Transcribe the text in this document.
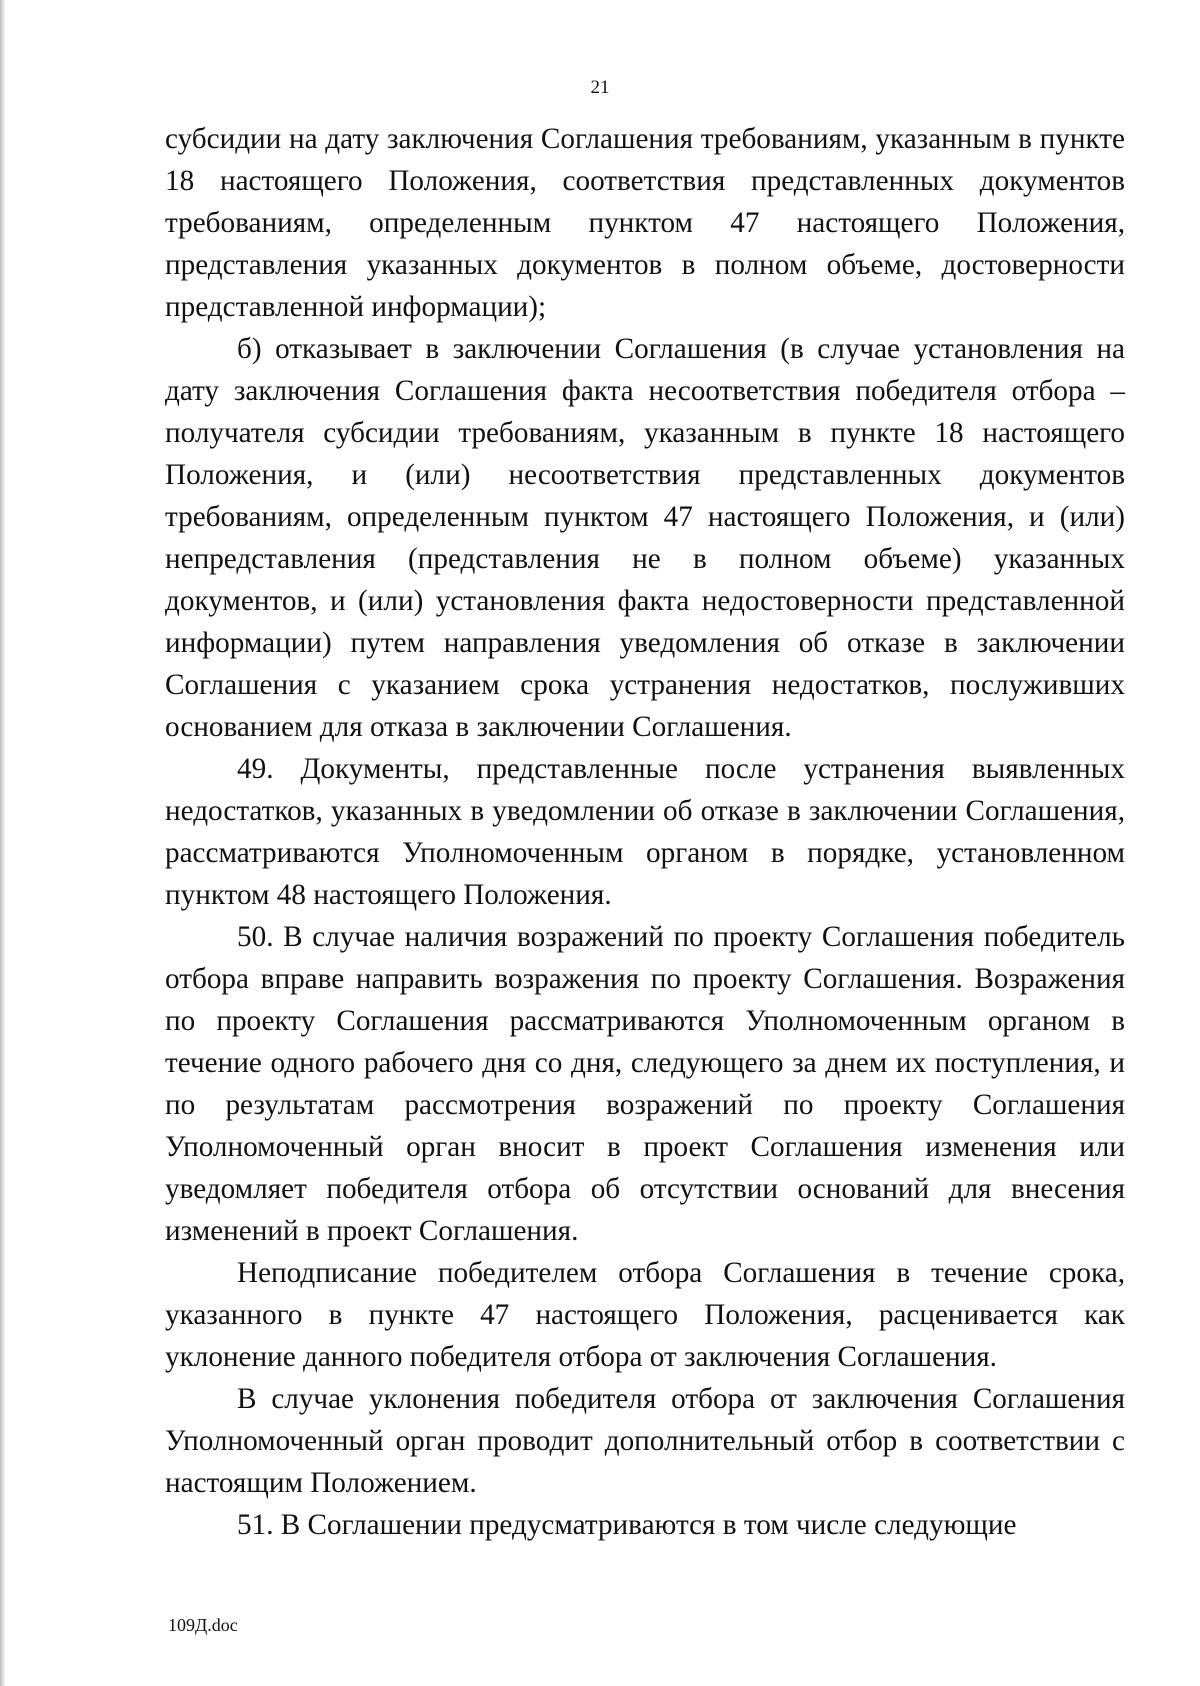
21

субсидии на дату заключения Соглашения требованиям, указанным в пункте 18 настоящего Положения, соответствия представленных документов требованиям, определенным пунктом 47 настоящего Положения, представления указанных документов в полном объеме, достоверности представленной информации);

б) отказывает в заключении Соглашения (в случае установления на дату заключения Соглашения факта несоответствия победителя отбора – получателя субсидии требованиям, указанным в пункте 18 настоящего Положения, и (или) несоответствия представленных документов требованиям, определенным пунктом 47 настоящего Положения, и (или) непредставления (представления не в полном объеме) указанных документов, и (или) установления факта недостоверности представленной информации) путем направления уведомления об отказе в заключении Соглашения с указанием срока устранения недостатков, послуживших основанием для отказа в заключении Соглашения.

49. Документы, представленные после устранения выявленных недостатков, указанных в уведомлении об отказе в заключении Соглашения, рассматриваются Уполномоченным органом в порядке, установленном пунктом 48 настоящего Положения.

50. В случае наличия возражений по проекту Соглашения победитель отбора вправе направить возражения по проекту Соглашения. Возражения по проекту Соглашения рассматриваются Уполномоченным органом в течение одного рабочего дня со дня, следующего за днем их поступления, и по результатам рассмотрения возражений по проекту Соглашения Уполномоченный орган вносит в проект Соглашения изменения или уведомляет победителя отбора об отсутствии оснований для внесения изменений в проект Соглашения.

Неподписание победителем отбора Соглашения в течение срока, указанного в пункте 47 настоящего Положения, расценивается как уклонение данного победителя отбора от заключения Соглашения.

В случае уклонения победителя отбора от заключения Соглашения Уполномоченный орган проводит дополнительный отбор в соответствии с настоящим Положением.

51. В Соглашении предусматриваются в том числе следующие

109Д.doc
